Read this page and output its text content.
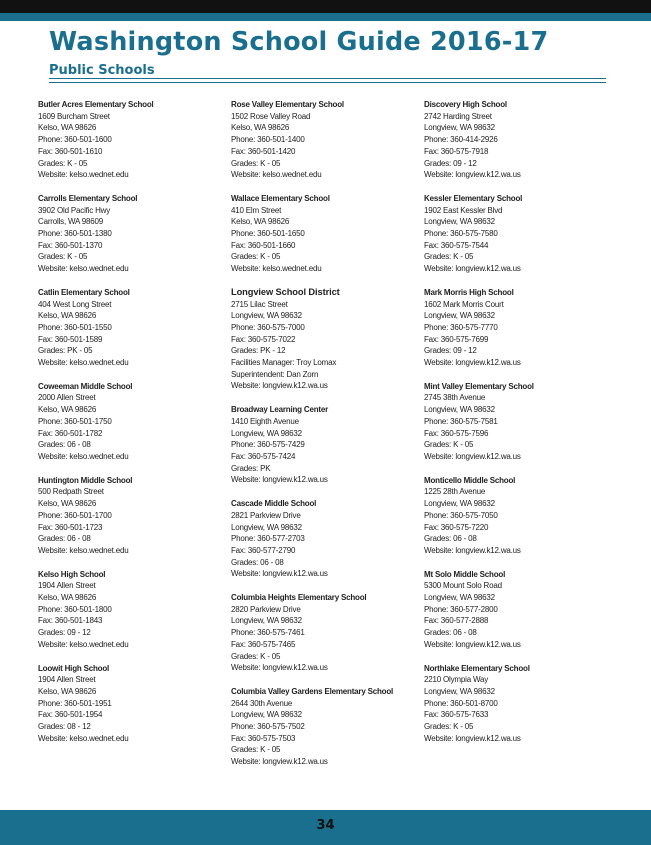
Washington School Guide 2016-17
Public Schools
Butler Acres Elementary School
1609 Burcham Street
Kelso, WA 98626
Phone: 360-501-1600
Fax: 360-501-1610
Grades: K - 05
Website: kelso.wednet.edu
Carrolls Elementary School
3902 Old Pacific Hwy
Carrolls, WA 98609
Phone: 360-501-1380
Fax: 360-501-1370
Grades: K - 05
Website: kelso.wednet.edu
Catlin Elementary School
404 West Long Street
Kelso, WA 98626
Phone: 360-501-1550
Fax: 360-501-1589
Grades: PK - 05
Website: kelso.wednet.edu
Coweeman Middle School
2000 Allen Street
Kelso, WA 98626
Phone: 360-501-1750
Fax: 360-501-1782
Grades: 06 - 08
Website: kelso.wednet.edu
Huntington Middle School
500 Redpath Street
Kelso, WA 98626
Phone: 360-501-1700
Fax: 360-501-1723
Grades: 06 - 08
Website: kelso.wednet.edu
Kelso High School
1904 Allen Street
Kelso, WA 98626
Phone: 360-501-1800
Fax: 360-501-1843
Grades: 09 - 12
Website: kelso.wednet.edu
Loowit High School
1904 Allen Street
Kelso, WA 98626
Phone: 360-501-1951
Fax: 360-501-1954
Grades: 08 - 12
Website: kelso.wednet.edu
Rose Valley Elementary School
1502 Rose Valley Road
Kelso, WA 98626
Phone: 360-501-1400
Fax: 360-501-1420
Grades: K - 05
Website: kelso.wednet.edu
Wallace Elementary School
410 Elm Street
Kelso, WA 98626
Phone: 360-501-1650
Fax: 360-501-1660
Grades: K - 05
Website: kelso.wednet.edu
Longview School District
2715 Lilac Street
Longview, WA 98632
Phone: 360-575-7000
Fax: 360-575-7022
Grades: PK - 12
Facilities Manager: Troy Lomax
Superintendent: Dan Zorn
Website: longview.k12.wa.us
Broadway Learning Center
1410 Eighth Avenue
Longview, WA 98632
Phone: 360-575-7429
Fax: 360-575-7424
Grades: PK
Website: longview.k12.wa.us
Cascade Middle School
2821 Parkview Drive
Longview, WA 98632
Phone: 360-577-2703
Fax: 360-577-2790
Grades: 06 - 08
Website: longview.k12.wa.us
Columbia Heights Elementary School
2820 Parkview Drive
Longview, WA 98632
Phone: 360-575-7461
Fax: 360-575-7465
Grades: K - 05
Website: longview.k12.wa.us
Columbia Valley Gardens Elementary School
2644 30th Avenue
Longview, WA 98632
Phone: 360-575-7502
Fax: 360-575-7503
Grades: K - 05
Website: longview.k12.wa.us
Discovery High School
2742 Harding Street
Longview, WA 98632
Phone: 360-414-2926
Fax: 360-575-7918
Grades: 09 - 12
Website: longview.k12.wa.us
Kessler Elementary School
1902 East Kessler Blvd
Longview, WA 98632
Phone: 360-575-7580
Fax: 360-575-7544
Grades: K - 05
Website: longview.k12.wa.us
Mark Morris High School
1602 Mark Morris Court
Longview, WA 98632
Phone: 360-575-7770
Fax: 360-575-7699
Grades: 09 - 12
Website: longview.k12.wa.us
Mint Valley Elementary School
2745 38th Avenue
Longview, WA 98632
Phone: 360-575-7581
Fax: 360-575-7596
Grades: K - 05
Website: longview.k12.wa.us
Monticello Middle School
1225 28th Avenue
Longview, WA 98632
Phone: 360-575-7050
Fax: 360-575-7220
Grades: 06 - 08
Website: longview.k12.wa.us
Mt Solo Middle School
5300 Mount Solo Road
Longview, WA 98632
Phone: 360-577-2800
Fax: 360-577-2888
Grades: 06 - 08
Website: longview.k12.wa.us
Northlake Elementary School
2210 Olympia Way
Longview, WA 98632
Phone: 360-501-8700
Fax: 360-575-7633
Grades: K - 05
Website: longview.k12.wa.us
34
